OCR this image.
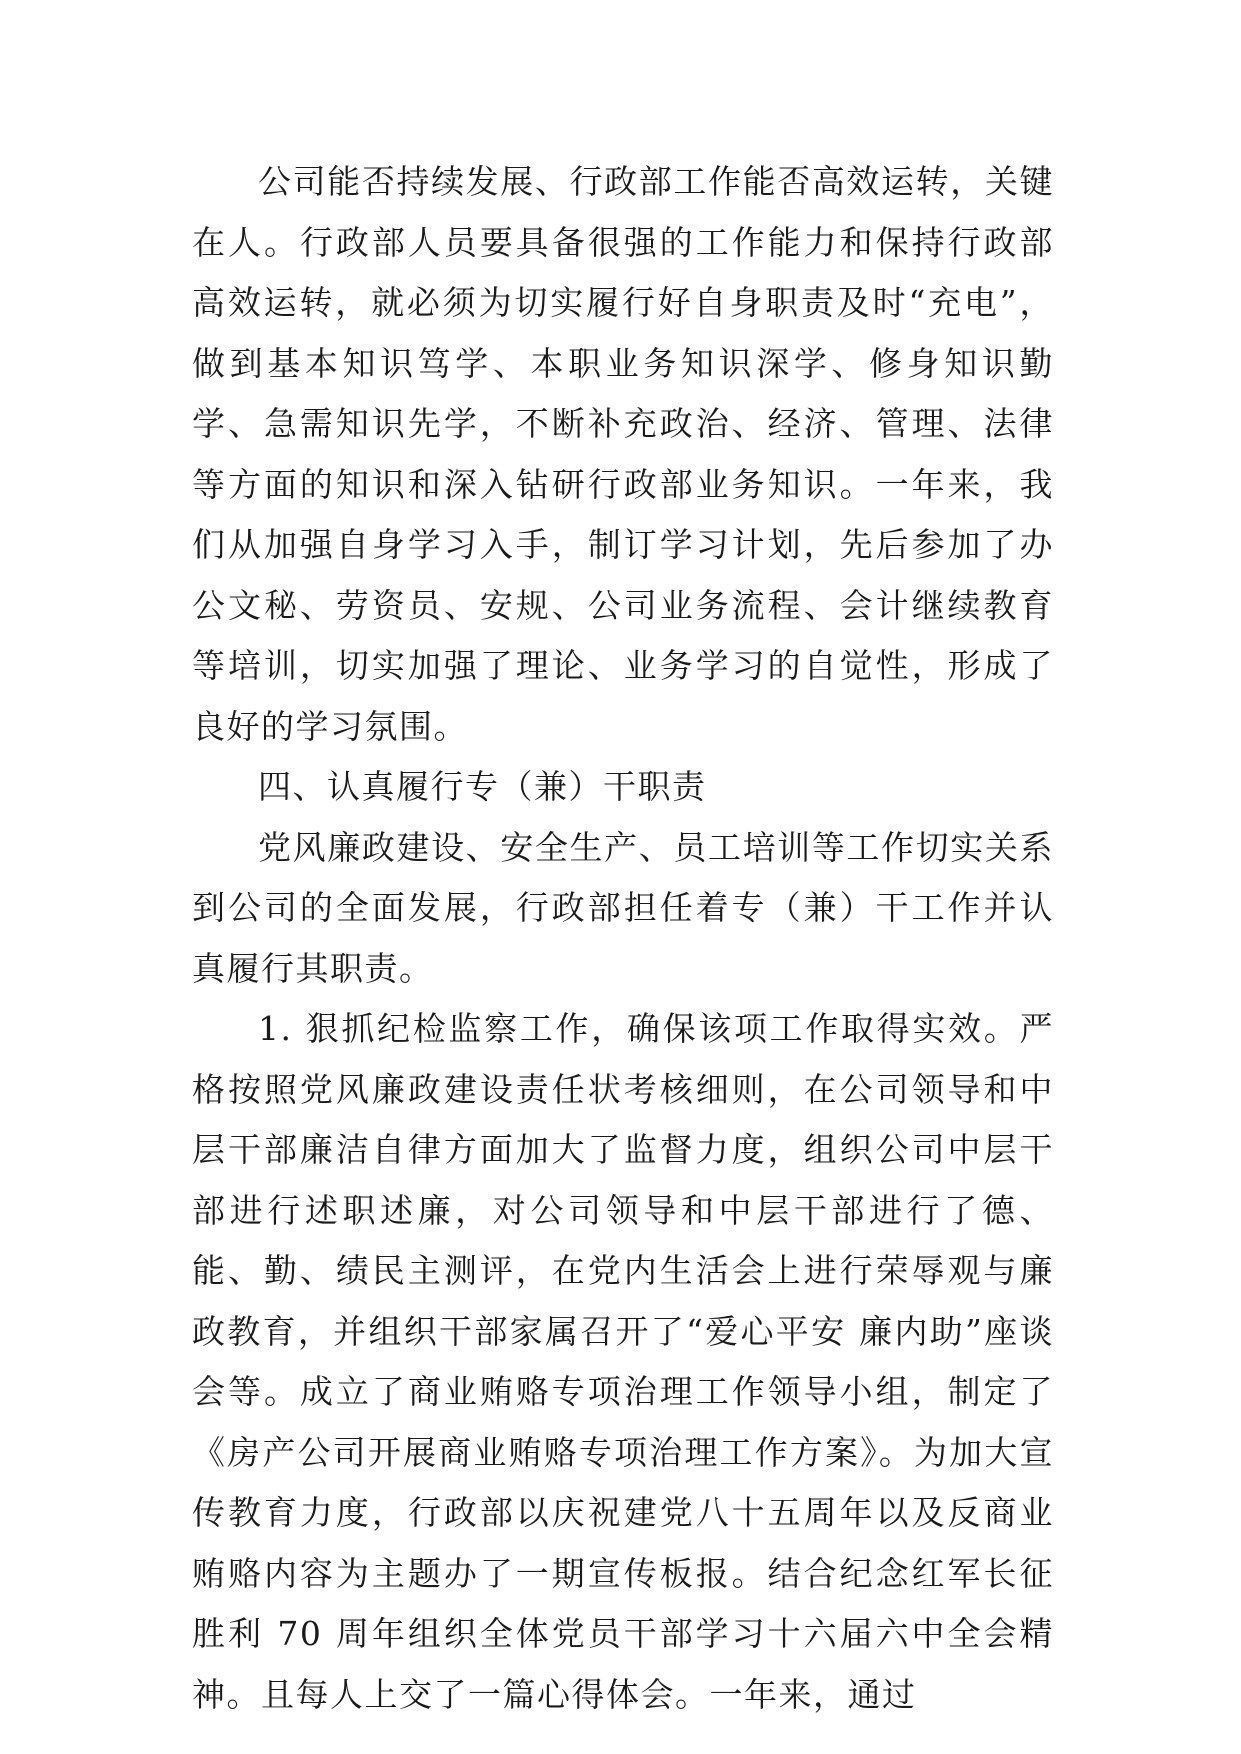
公司能否持续发展、行政部工作能否高效运转，关键在人。行政部人员要具备很强的工作能力和保持行政部高效运转，就必须为切实履行好自身职责及时“充电”，做到基本知识笃学、本职业务知识深学、修身知识勤学、急需知识先学，不断补充政治、经济、管理、法律等方面的知识和深入钻研行政部业务知识。一年来，我们从加强自身学习入手，制订学习计划，先后参加了办公文秘、劳资员、安规、公司业务流程、会计继续教育等培训，切实加强了理论、业务学习的自觉性，形成了良好的学习氛围。

四、认真履行专（兼）干职责

党风廉政建设、安全生产、员工培训等工作切实关系到公司的全面发展，行政部担任着专（兼）干工作并认真履行其职责。

1. 狠抓纪检监察工作，确保该项工作取得实效。严格按照党风廉政建设责任状考核细则，在公司领导和中层干部廉洁自律方面加大了监督力度，组织公司中层干部进行述职述廉，对公司领导和中层干部进行了德、能、勤、绩民主测评，在党内生活会上进行荣辱观与廉政教育，并组织干部家属召开了“爱心平安 廉内助”座谈会等。成立了商业贿赂专项治理工作领导小组，制定了《房产公司开展商业贿赂专项治理工作方案》。为加大宣传教育力度，行政部以庆祝建党八十五周年以及反商业贿赂内容为主题办了一期宣传板报。结合纪念红军长征胜利 70 周年组织全体党员干部学习十六届六中全会精神。且每人上交了一篇心得体会。一年来，通过
